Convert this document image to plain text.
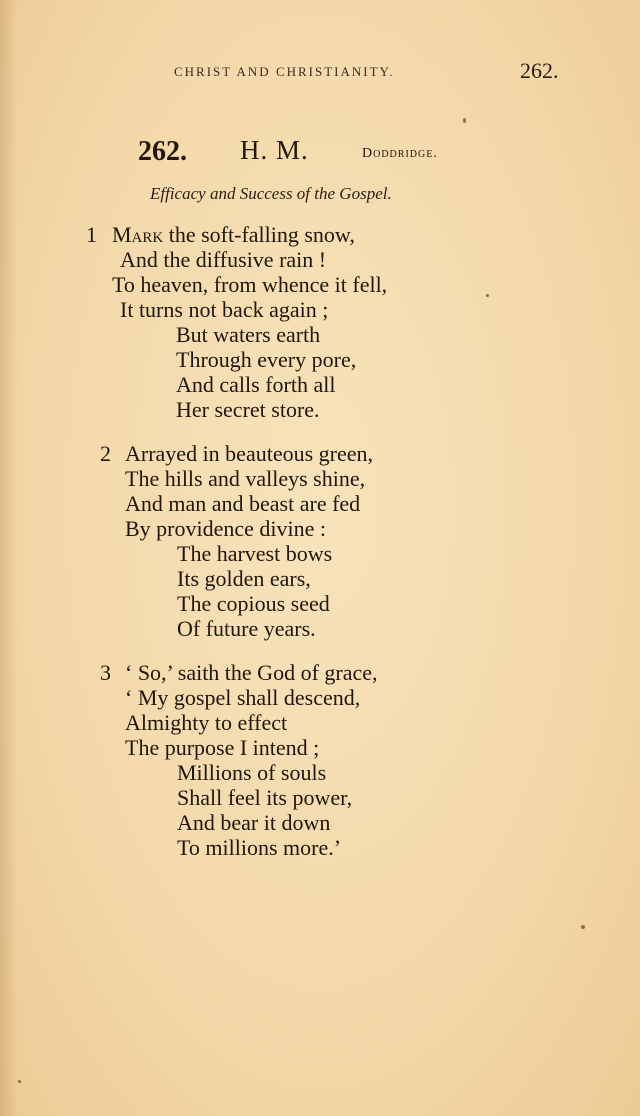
CHRIST AND CHRISTIANITY.	262.
262. H. M.	Doddridge.
Efficacy and Success of the Gospel.
1 Mark the soft-falling snow,
And the diffusive rain !
To heaven, from whence it fell,
It turns not back again ;
But waters earth
Through every pore,
And calls forth all
Her secret store.
2 Arrayed in beauteous green,
The hills and valleys shine,
And man and beast are fed
By providence divine :
The harvest bows
Its golden ears,
The copious seed
Of future years.
3 ‘ So,’ saith the God of grace,
‘ My gospel shall descend,
Almighty to effect
The purpose I intend ;
Millions of souls
Shall feel its power,
And bear it down
To millions more.’
